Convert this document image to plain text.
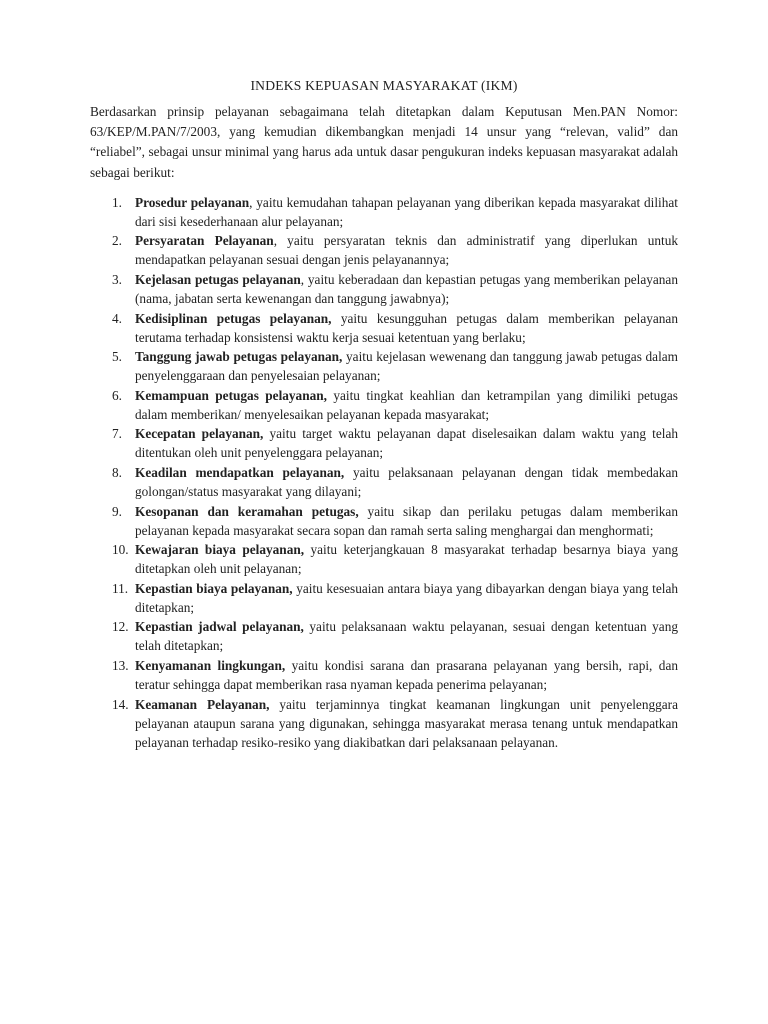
INDEKS KEPUASAN MASYARAKAT (IKM)

Berdasarkan prinsip pelayanan sebagaimana telah ditetapkan dalam Keputusan Men.PAN Nomor: 63/KEP/M.PAN/7/2003, yang kemudian dikembangkan menjadi 14 unsur yang “relevan, valid” dan “reliabel”, sebagai unsur minimal yang harus ada untuk dasar pengukuran indeks kepuasan masyarakat adalah sebagai berikut:

1. Prosedur pelayanan, yaitu kemudahan tahapan pelayanan yang diberikan kepada masyarakat dilihat dari sisi kesederhanaan alur pelayanan;
2. Persyaratan Pelayanan, yaitu persyaratan teknis dan administratif yang diperlukan untuk mendapatkan pelayanan sesuai dengan jenis pelayanannya;
3. Kejelasan petugas pelayanan, yaitu keberadaan dan kepastian petugas yang memberikan pelayanan (nama, jabatan serta kewenangan dan tanggung jawabnya);
4. Kedisiplinan petugas pelayanan, yaitu kesungguhan petugas dalam memberikan pelayanan terutama terhadap konsistensi waktu kerja sesuai ketentuan yang berlaku;
5. Tanggung jawab petugas pelayanan, yaitu kejelasan wewenang dan tanggung jawab petugas dalam penyelenggaraan dan penyelesaian pelayanan;
6. Kemampuan petugas pelayanan, yaitu tingkat keahlian dan ketrampilan yang dimiliki petugas dalam memberikan/ menyelesaikan pelayanan kepada masyarakat;
7. Kecepatan pelayanan, yaitu target waktu pelayanan dapat diselesaikan dalam waktu yang telah ditentukan oleh unit penyelenggara pelayanan;
8. Keadilan mendapatkan pelayanan, yaitu pelaksanaan pelayanan dengan tidak membedakan golongan/status masyarakat yang dilayani;
9. Kesopanan dan keramahan petugas, yaitu sikap dan perilaku petugas dalam memberikan pelayanan kepada masyarakat secara sopan dan ramah serta saling menghargai dan menghormati;
10. Kewajaran biaya pelayanan, yaitu keterjangkauan 8 masyarakat terhadap besarnya biaya yang ditetapkan oleh unit pelayanan;
11. Kepastian biaya pelayanan, yaitu kesesuaian antara biaya yang dibayarkan dengan biaya yang telah ditetapkan;
12. Kepastian jadwal pelayanan, yaitu pelaksanaan waktu pelayanan, sesuai dengan ketentuan yang telah ditetapkan;
13. Kenyamanan lingkungan, yaitu kondisi sarana dan prasarana pelayanan yang bersih, rapi, dan teratur sehingga dapat memberikan rasa nyaman kepada penerima pelayanan;
14. Keamanan Pelayanan, yaitu terjaminnya tingkat keamanan lingkungan unit penyelenggara pelayanan ataupun sarana yang digunakan, sehingga masyarakat merasa tenang untuk mendapatkan pelayanan terhadap resiko-resiko yang diakibatkan dari pelaksanaan pelayanan.
